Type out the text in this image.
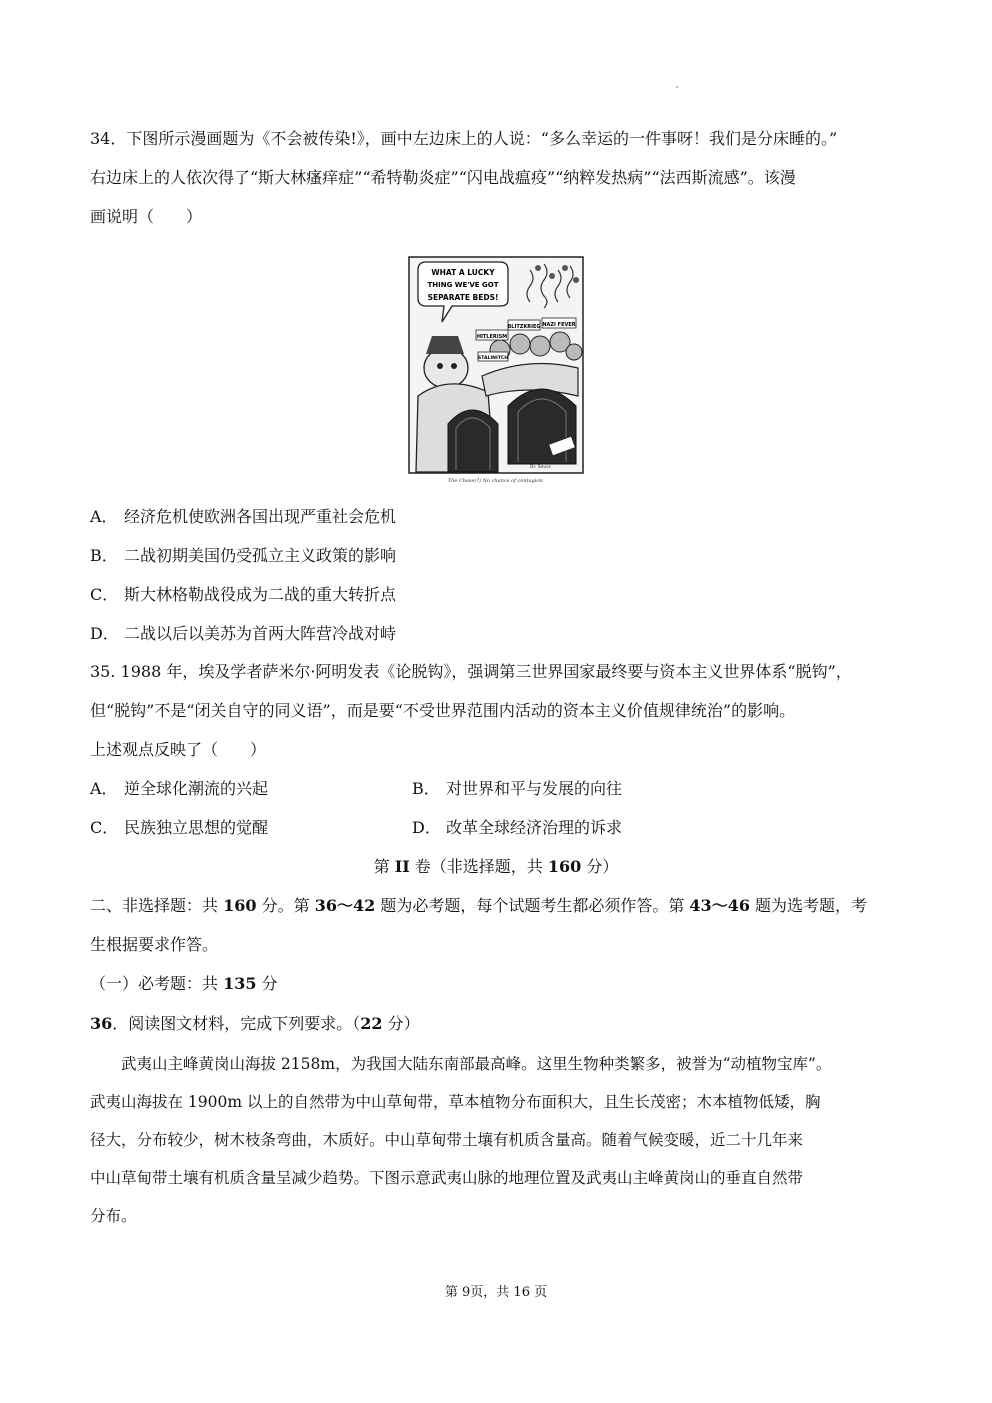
34．下图所示漫画题为《不会被传染!》，画中左边床上的人说：“多么幸运的一件事呀！我们是分床睡的。”
右边床上的人依次得了“斯大林瘙痒症”“希特勒炎症”“闪电战瘟疫”“纳粹发热病”“法西斯流感”。该漫
画说明（　　）
WHAT A LUCKY
THING WE'VE GOT
SEPARATE BEDS!
HITLERISM
BLITZKRIEG NAZI FEVER
STALINITCH
Dr. Seuss
The Chase(?) No chance of contagion.
A． 经济危机使欧洲各国出现严重社会危机
B． 二战初期美国仍受孤立主义政策的影响
C． 斯大林格勒战役成为二战的重大转折点
D． 二战以后以美苏为首两大阵营冷战对峙
35. 1988 年，埃及学者萨米尔·阿明发表《论脱钩》，强调第三世界国家最终要与资本主义世界体系“脱钩”，
但“脱钩”不是“闭关自守的同义语”，而是要“不受世界范围内活动的资本主义价值规律统治”的影响。
上述观点反映了（　　）
A． 逆全球化潮流的兴起	B． 对世界和平与发展的向往
C． 民族独立思想的觉醒	D． 改革全球经济治理的诉求
第 II 卷（非选择题，共 160 分）
二、非选择题：共 160 分。第 36～42 题为必考题，每个试题考生都必须作答。第 43～46 题为选考题，考
生根据要求作答。
（一）必考题：共 135 分
36．阅读图文材料，完成下列要求。（22 分）
　　武夷山主峰黄岗山海拔 2158m，为我国大陆东南部最高峰。这里生物种类繁多，被誉为“动植物宝库”。
武夷山海拔在 1900m 以上的自然带为中山草甸带，草本植物分布面积大，且生长茂密；木本植物低矮，胸
径大，分布较少，树木枝条弯曲，木质好。中山草甸带土壤有机质含量高。随着气候变暖，近二十几年来
中山草甸带土壤有机质含量呈减少趋势。下图示意武夷山脉的地理位置及武夷山主峰黄岗山的垂直自然带
分布。
第 9页，共 16 页
